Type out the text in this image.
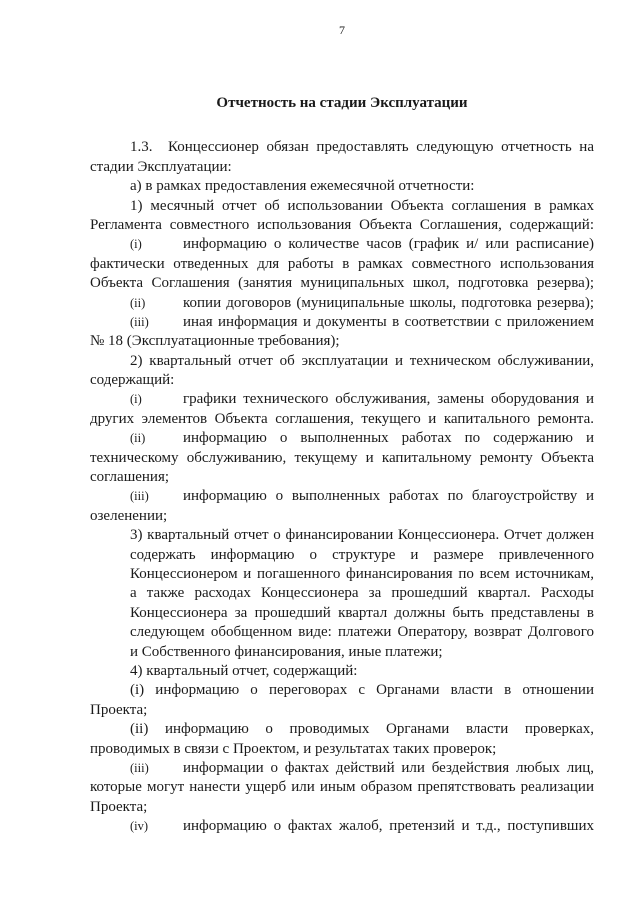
7
Отчетность на стадии Эксплуатации
1.3. Концессионер обязан предоставлять следующую отчетность на
стадии Эксплуатации:
а) в рамках предоставления ежемесячной отчетности:
1) месячный отчет об использовании Объекта соглашения в рамках
Регламента совместного использования Объекта Соглашения, содержащий:
(i)	информацию о количестве часов (график и/ или расписание)
фактически отведенных для работы в рамках совместного использования
Объекта Соглашения (занятия муниципальных школ, подготовка резерва);
(ii)	копии договоров (муниципальные школы, подготовка резерва);
(iii) иная информация и документы в соответствии с приложением
№ 18 (Эксплуатационные требования);
2) квартальный отчет об эксплуатации и техническом обслуживании,
содержащий:
(i)	графики технического обслуживания, замены оборудования и
других элементов Объекта соглашения, текущего и капитального ремонта.
(ii)	информацию о выполненных работах по содержанию и
техническому обслуживанию, текущему и капитальному ремонту Объекта
соглашения;
(iii) информацию о выполненных работах по благоустройству и
озеленении;
3) квартальный отчет о финансировании Концессионера. Отчет должен
содержать информацию о структуре и размере привлеченного
Концессионером и погашенного финансирования по всем источникам,
а также расходах Концессионера за прошедший квартал. Расходы
Концессионера за прошедший квартал должны быть представлены в
следующем обобщенном виде: платежи Оператору, возврат Долгового
и Собственного финансирования, иные платежи;
4) квартальный отчет, содержащий:
(i) информацию о переговорах с Органами власти в отношении
Проекта;
(ii) информацию о проводимых Органами власти проверках,
проводимых в связи с Проектом, и результатах таких проверок;
(iii) информации о фактах действий или бездействия любых лиц,
которые могут нанести ущерб или иным образом препятствовать реализации
Проекта;
(iv) информацию о фактах жалоб, претензий и т.д., поступивших
